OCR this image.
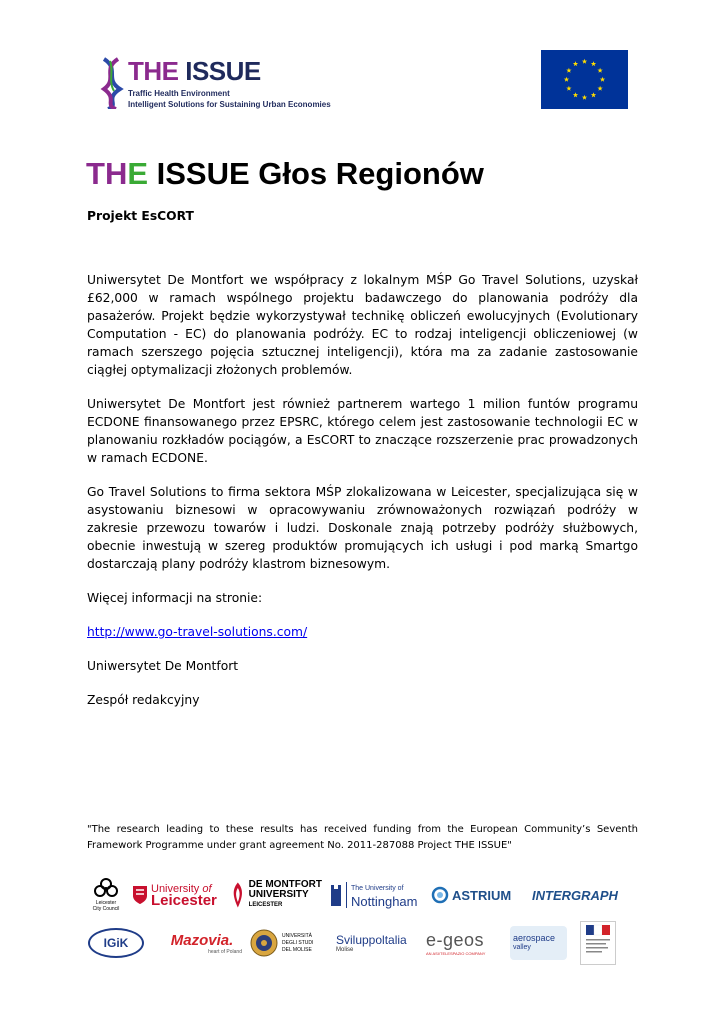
THE ISSUE
Traffic Health Environment
Intelligent Solutions for Sustaining Urban Economies
THE ISSUE Głos Regionów

Projekt EsCORT

Uniwersytet De Montfort we współpracy z lokalnym MŚP Go Travel Solutions, uzyskał £62,000 w ramach wspólnego projektu badawczego do planowania podróży dla pasażerów. Projekt będzie wykorzystywał technikę obliczeń ewolucyjnych (Evolutionary Computation - EC) do planowania podróży. EC to rodzaj inteligencji obliczeniowej (w ramach szerszego pojęcia sztucznej inteligencji), która ma za zadanie zastosowanie ciągłej optymalizacji złożonych problemów.

Uniwersytet De Montfort jest również partnerem wartego 1 milion funtów programu ECDONE finansowanego przez EPSRC, którego celem jest zastosowanie technologii EC w planowaniu rozkładów pociągów, a EsCORT to znaczące rozszerzenie prac prowadzonych w ramach ECDONE.

Go Travel Solutions to firma sektora MŚP zlokalizowana w Leicester, specjalizująca się w asystowaniu biznesowi w opracowywaniu zrównoważonych rozwiązań podróży w zakresie przewozu towarów i ludzi. Doskonale znają potrzeby podróży służbowych, obecnie inwestują w szereg produktów promujących ich usługi i pod marką Smartgo dostarczają plany podróży klastrom biznesowym.

Więcej informacji na stronie:

http://www.go-travel-solutions.com/

Uniwersytet De Montfort

Zespół redakcyjny

"The research leading to these results has received funding from the European Community’s Seventh Framework Programme under grant agreement No. 2011-287088 Project THE ISSUE"
Leicester
City Council
University of
Leicester
DE MONTFORT
UNIVERSITY
LEICESTER
The University of
Nottingham	ASTRIUM INTERGRAPH
IGiK	Mazovia.
heart of Poland
UNIVERSITÀ
DEGLI STUDI
DEL MOLISE
Sviluppoltalia
Molise	e-geos
AN ASI/TELESPAZIO COMPANY
aerospace
valley
